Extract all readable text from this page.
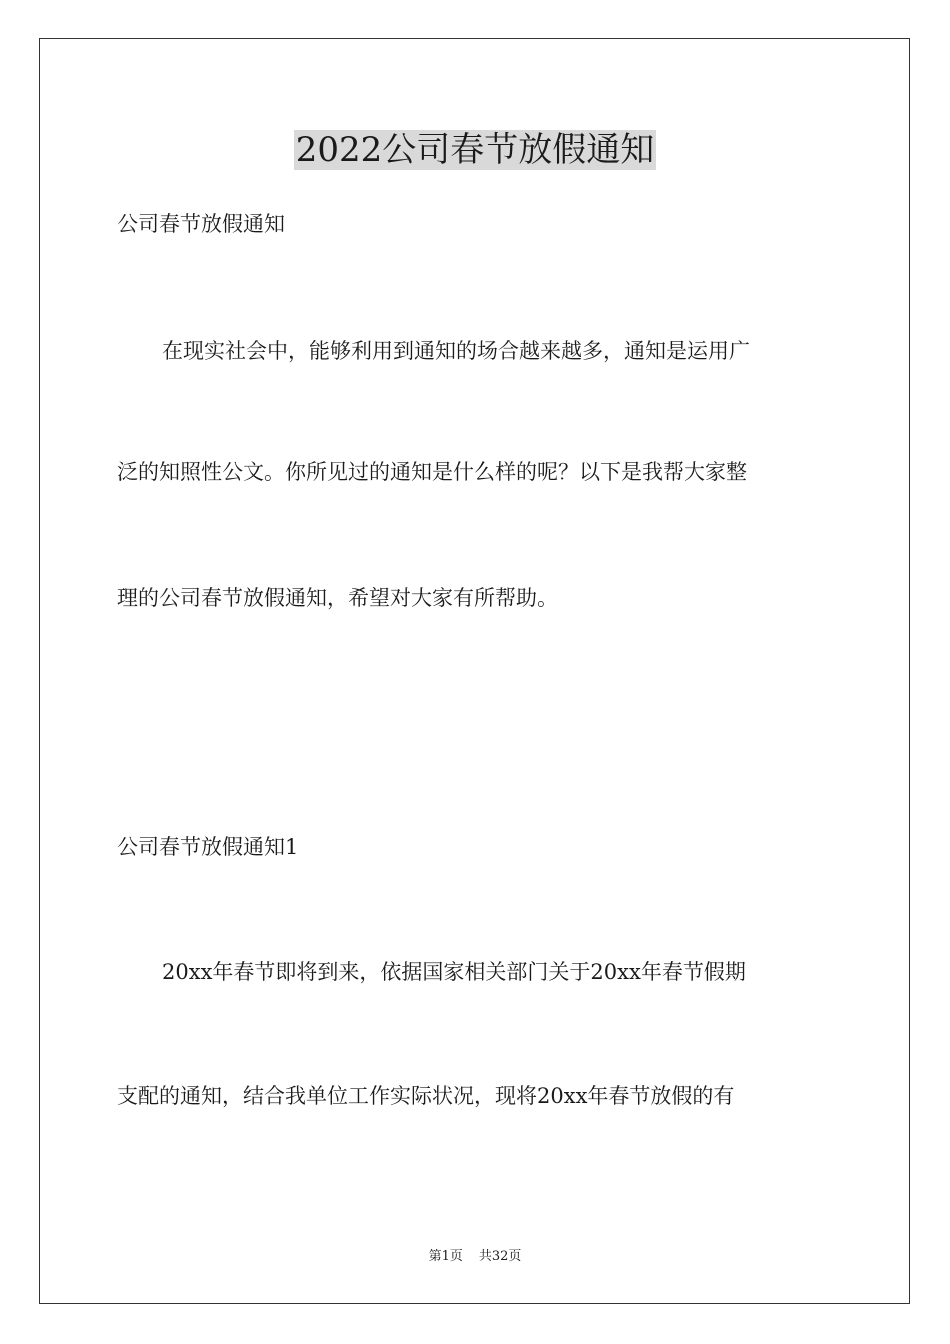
2022公司春节放假通知

公司春节放假通知

在现实社会中，能够利用到通知的场合越来越多，通知是运用广

泛的知照性公文。你所见过的通知是什么样的呢？以下是我帮大家整

理的公司春节放假通知，希望对大家有所帮助。

公司春节放假通知1

20xx年春节即将到来，依据国家相关部门关于20xx年春节假期

支配的通知，结合我单位工作实际状况，现将20xx年春节放假的有

第1页 共32页
